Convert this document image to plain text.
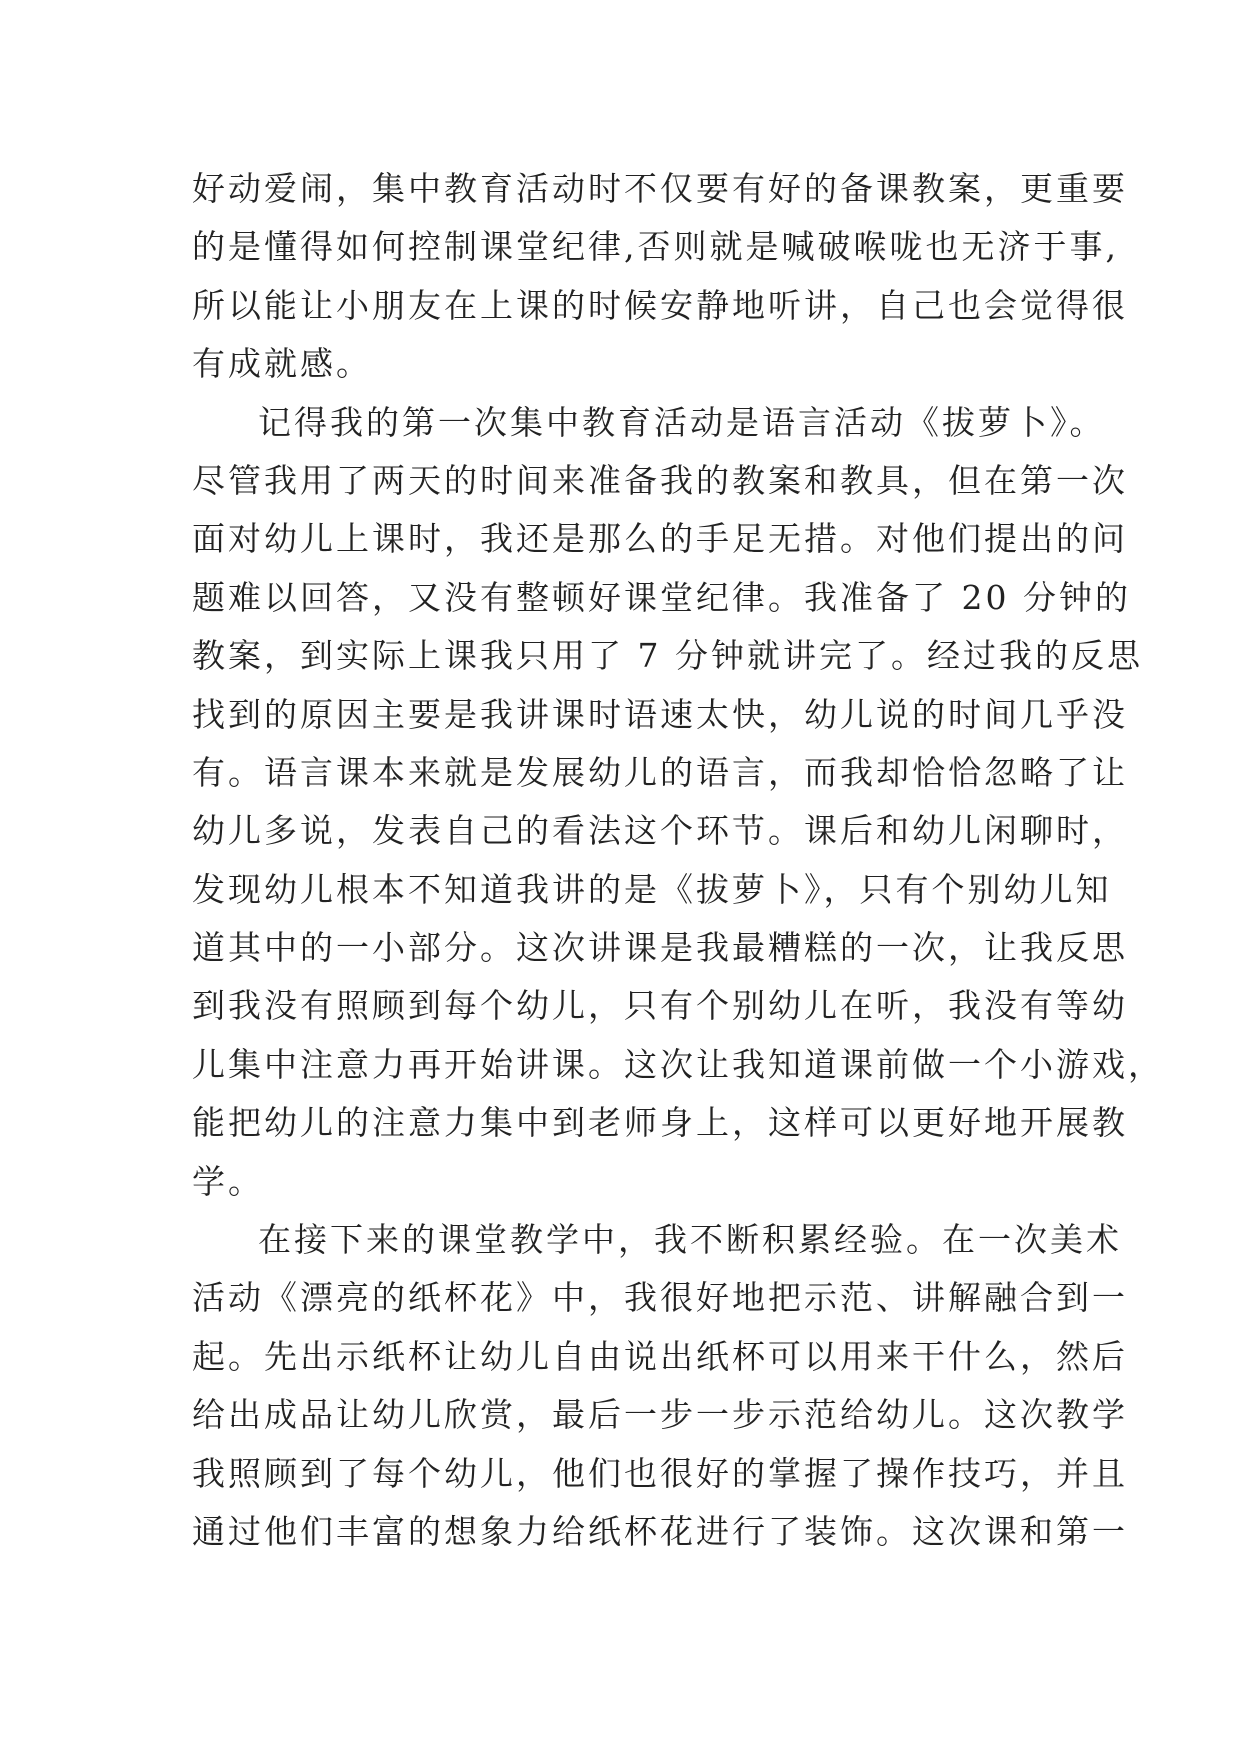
好动爱闹，集中教育活动时不仅要有好的备课教案，更重要
的是懂得如何控制课堂纪律,否则就是喊破喉咙也无济于事,
所以能让小朋友在上课的时候安静地听讲，自己也会觉得很
有成就感。
记得我的第一次集中教育活动是语言活动《拔萝卜》。
尽管我用了两天的时间来准备我的教案和教具，但在第一次
面对幼儿上课时，我还是那么的手足无措。对他们提出的问
题难以回答，又没有整顿好课堂纪律。我准备了 20 分钟的
教案，到实际上课我只用了 7 分钟就讲完了。经过我的反思
找到的原因主要是我讲课时语速太快，幼儿说的时间几乎没
有。语言课本来就是发展幼儿的语言，而我却恰恰忽略了让
幼儿多说，发表自己的看法这个环节。课后和幼儿闲聊时，
发现幼儿根本不知道我讲的是《拔萝卜》，只有个别幼儿知
道其中的一小部分。这次讲课是我最糟糕的一次，让我反思
到我没有照顾到每个幼儿，只有个别幼儿在听，我没有等幼
儿集中注意力再开始讲课。这次让我知道课前做一个小游戏，
能把幼儿的注意力集中到老师身上，这样可以更好地开展教
学。
在接下来的课堂教学中，我不断积累经验。在一次美术
活动《漂亮的纸杯花》中，我很好地把示范、讲解融合到一
起。先出示纸杯让幼儿自由说出纸杯可以用来干什么，然后
给出成品让幼儿欣赏，最后一步一步示范给幼儿。这次教学
我照顾到了每个幼儿，他们也很好的掌握了操作技巧，并且
通过他们丰富的想象力给纸杯花进行了装饰。这次课和第一
